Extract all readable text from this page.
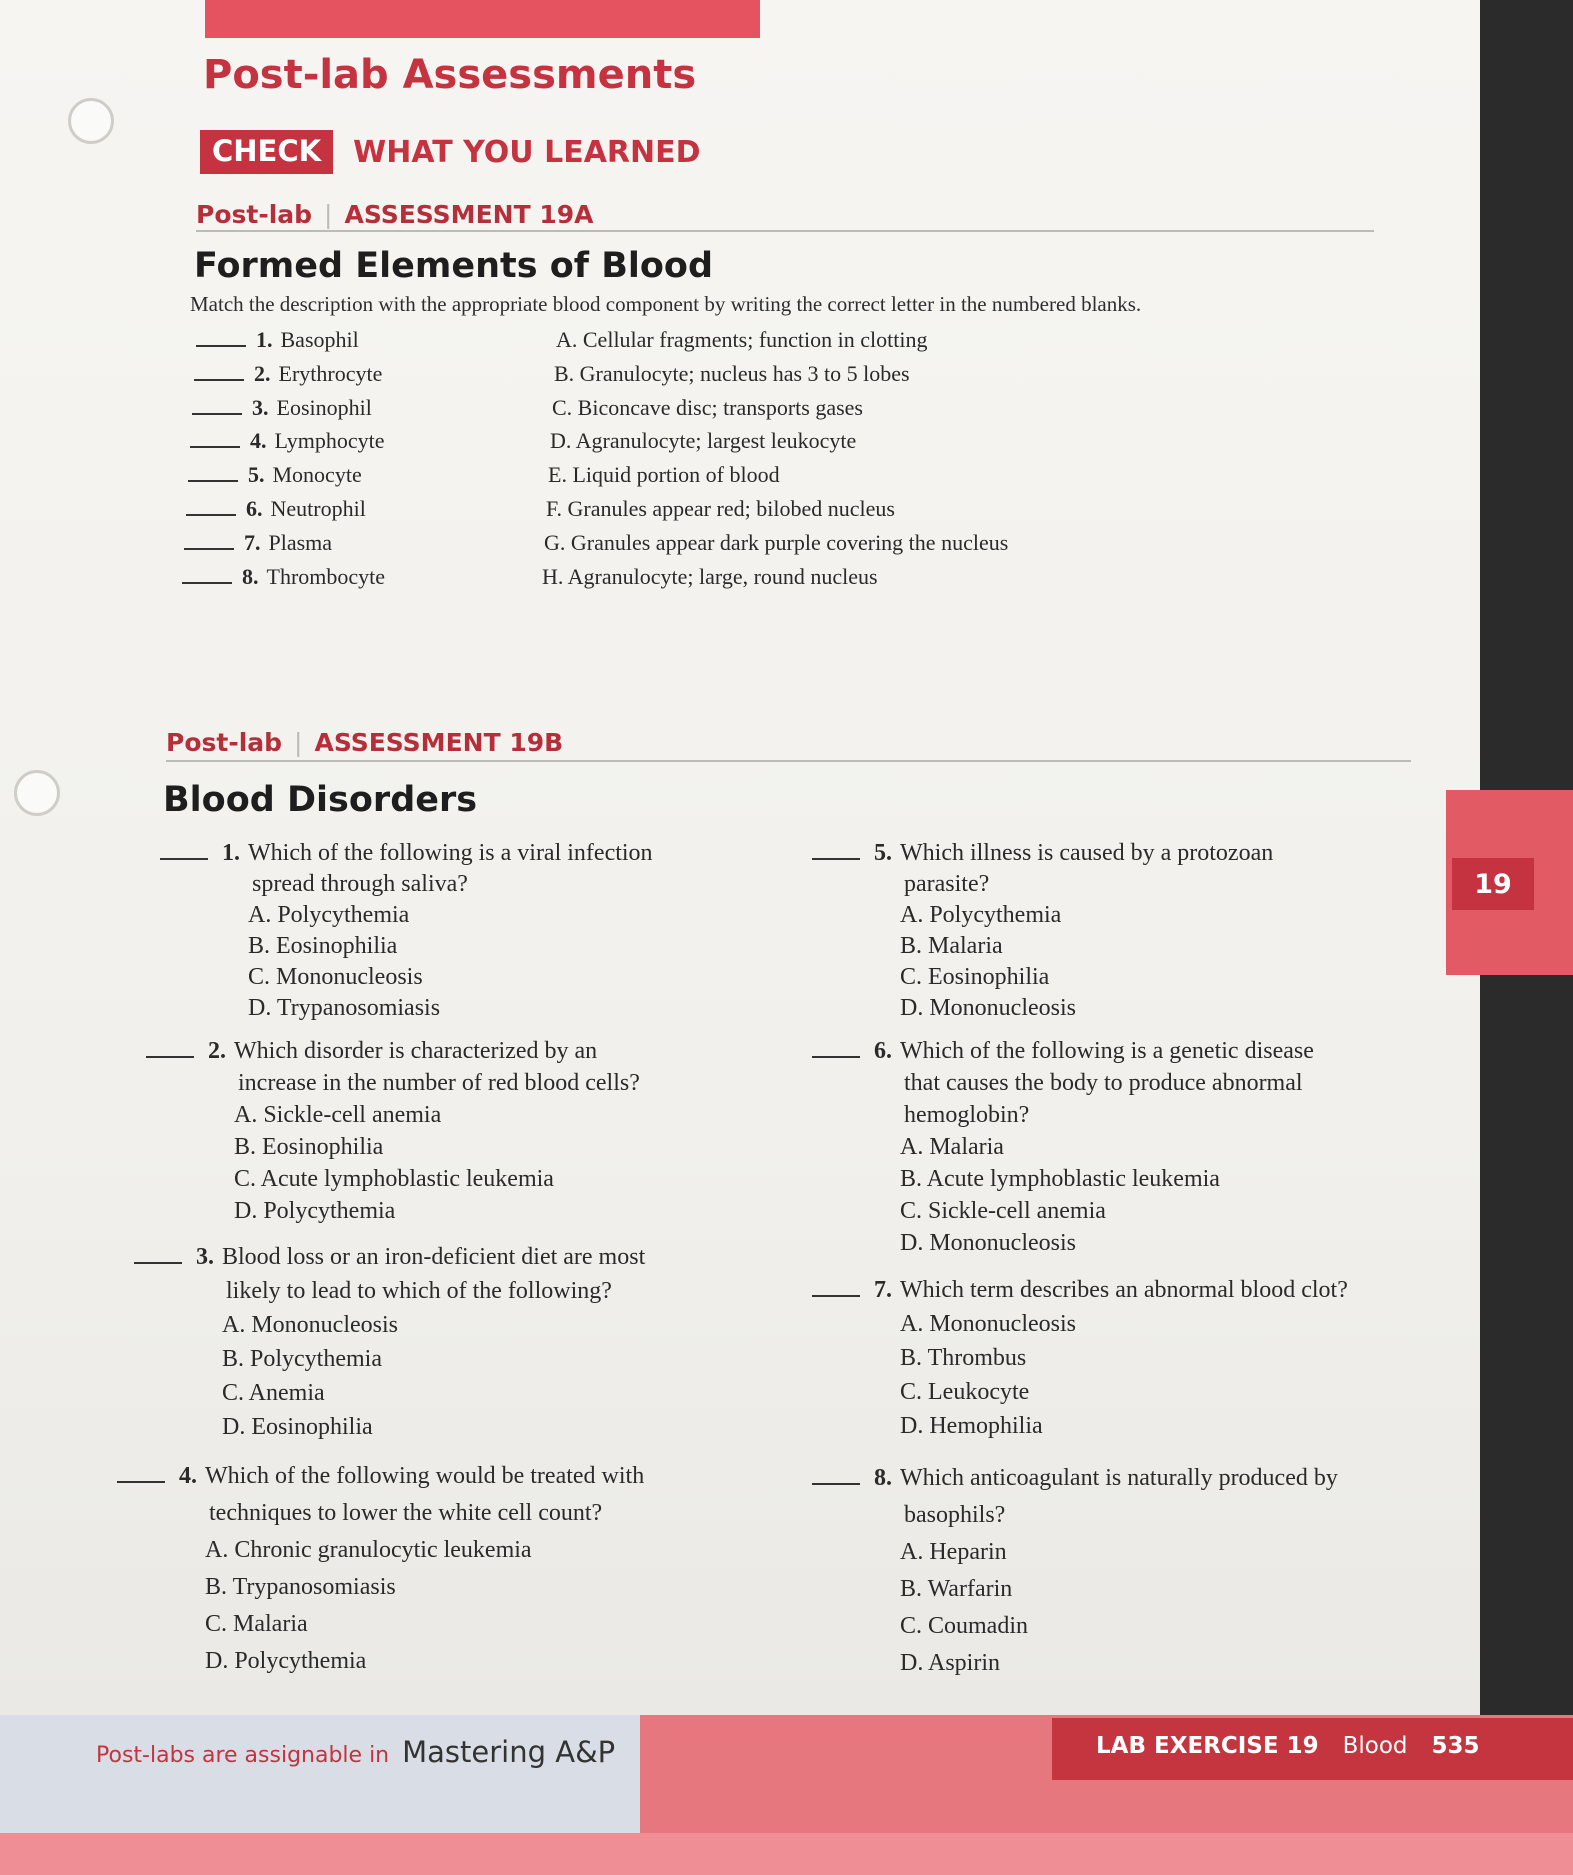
Post-lab Assessments
CHECK	WHAT YOU LEARNED
Post-lab | ASSESSMENT 19A
Formed Elements of Blood
Match the description with the appropriate blood component by writing the correct letter in the numbered blanks.
1. Basophil	A. Cellular fragments; function in clotting
2. Erythrocyte	B. Granulocyte; nucleus has 3 to 5 lobes
3. Eosinophil	C. Biconcave disc; transports gases
4. Lymphocyte	D. Agranulocyte; largest leukocyte
5. Monocyte	E. Liquid portion of blood
6. Neutrophil	F. Granules appear red; bilobed nucleus
7. Plasma	G. Granules appear dark purple covering the nucleus
8. Thrombocyte	H. Agranulocyte; large, round nucleus
Post-lab | ASSESSMENT 19B
Blood Disorders
1. Which of the following is a viral infection
spread through saliva?
A. Polycythemia
B. Eosinophilia
C. Mononucleosis
D. Trypanosomiasis
2. Which disorder is characterized by an
increase in the number of red blood cells?
A. Sickle-cell anemia
B. Eosinophilia
C. Acute lymphoblastic leukemia
D. Polycythemia
3. Blood loss or an iron-deficient diet are most
likely to lead to which of the following?
A. Mononucleosis
B. Polycythemia
C. Anemia
D. Eosinophilia
4. Which of the following would be treated with
techniques to lower the white cell count?
A. Chronic granulocytic leukemia
B. Trypanosomiasis
C. Malaria
D. Polycythemia
5. Which illness is caused by a protozoan
parasite?
A. Polycythemia
B. Malaria
C. Eosinophilia
D. Mononucleosis
6. Which of the following is a genetic disease
that causes the body to produce abnormal
hemoglobin?
A. Malaria
B. Acute lymphoblastic leukemia
C. Sickle-cell anemia
D. Mononucleosis
7. Which term describes an abnormal blood clot?
A. Mononucleosis
B. Thrombus
C. Leukocyte
D. Hemophilia
8. Which anticoagulant is naturally produced by
basophils?
A. Heparin
B. Warfarin
C. Coumadin
D. Aspirin
19
Post-labs are assignable in Mastering A&P	LAB EXERCISE 19 Blood 535
